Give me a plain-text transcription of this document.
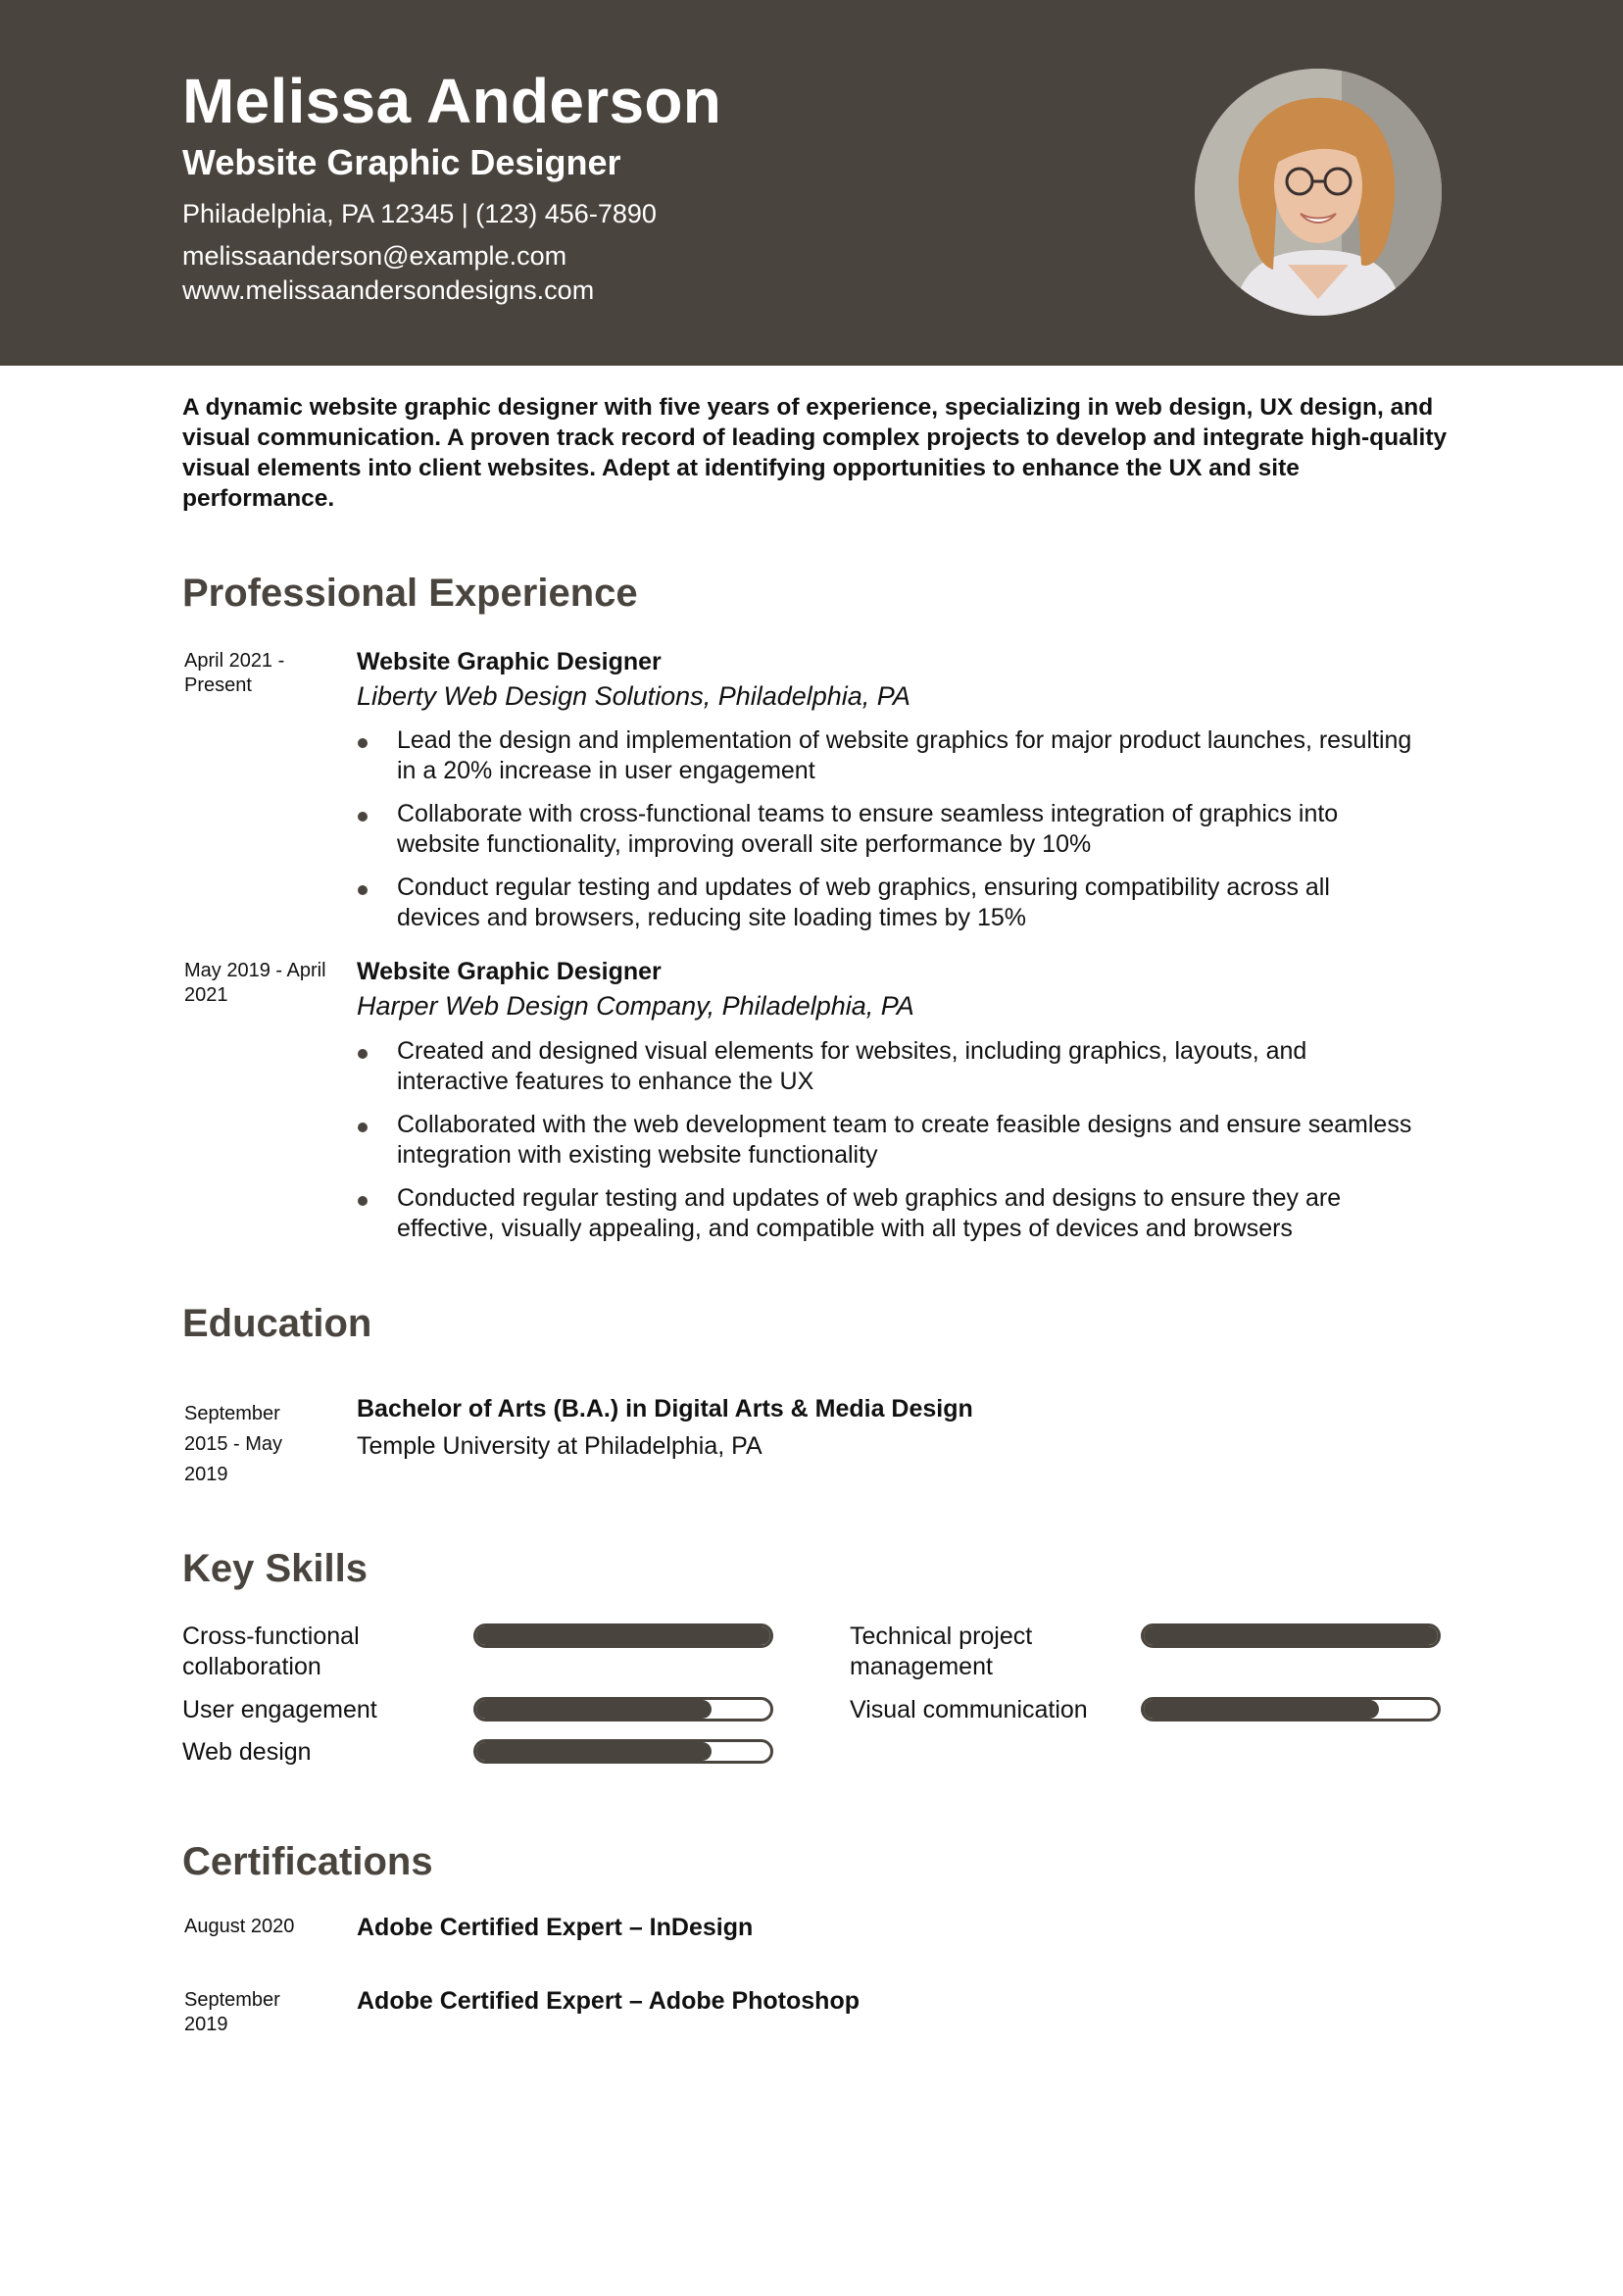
Melissa Anderson
Website Graphic Designer
Philadelphia, PA 12345 | (123) 456-7890
melissaanderson@example.com
www.melissaandersondesigns.com
A dynamic website graphic designer with five years of experience, specializing in web design, UX design, and visual communication. A proven track record of leading complex projects to develop and integrate high-quality visual elements into client websites. Adept at identifying opportunities to enhance the UX and site performance.
Professional Experience
April 2021 - Present
Website Graphic Designer
Liberty Web Design Solutions, Philadelphia, PA
Lead the design and implementation of website graphics for major product launches, resulting in a 20% increase in user engagement
Collaborate with cross-functional teams to ensure seamless integration of graphics into website functionality, improving overall site performance by 10%
Conduct regular testing and updates of web graphics, ensuring compatibility across all devices and browsers, reducing site loading times by 15%
May 2019 - April 2021
Website Graphic Designer
Harper Web Design Company, Philadelphia, PA
Created and designed visual elements for websites, including graphics, layouts, and interactive features to enhance the UX
Collaborated with the web development team to create feasible designs and ensure seamless integration with existing website functionality
Conducted regular testing and updates of web graphics and designs to ensure they are effective, visually appealing, and compatible with all types of devices and browsers
Education
September 2015 - May 2019
Bachelor of Arts (B.A.) in Digital Arts & Media Design
Temple University at Philadelphia, PA
Key Skills
Cross-functional collaboration
Technical project management
User engagement	Visual communication
Web design
Certifications
August 2020	Adobe Certified Expert – InDesign
September 2019
Adobe Certified Expert – Adobe Photoshop
